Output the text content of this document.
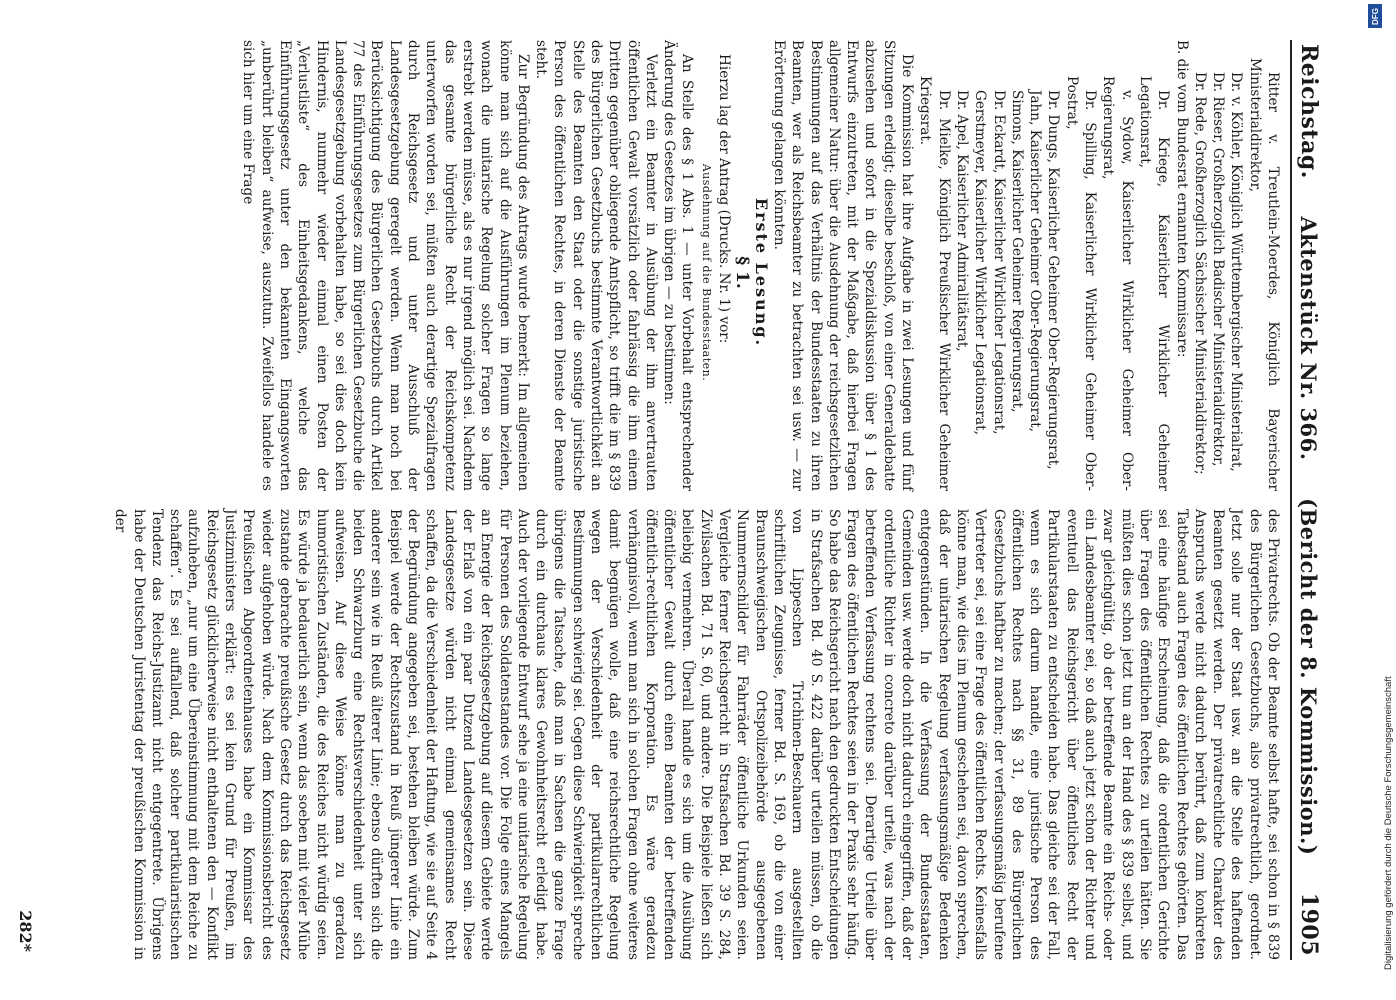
Reichstag.
Aktenstück Nr. 366.
(Bericht der 8. Kommission.)
1905

Ritter v. Treutlein-Moerdes, Königlich Bayerischer Ministerialdirektor,

Dr. v. Köhler, Königlich Württembergischer Ministerialrat,

Dr. Rieser, Großherzoglich Badischer Ministerialdirektor,

Dr. Rede, Großherzoglich Sächsischer Ministerialdirektor;

B. die vom Bundesrat ernannten Kommissare:

Dr. Kriege, Kaiserlicher Wirklicher Geheimer Legationsrat,

v. Sydow, Kaiserlicher Wirklicher Geheimer Ober-Regierungsrat,

Dr. Spilling, Kaiserlicher Wirklicher Geheimer Ober-Postrat,

Dr. Dungs, Kaiserlicher Geheimer Ober-Regierungsrat,

Jahn, Kaiserlicher Geheimer Ober-Regierungsrat,

Simons, Kaiserlicher Geheimer Regierungsrat,

Dr. Eckardt, Kaiserlicher Wirklicher Legationsrat,

Gerstmeyer, Kaiserlicher Wirklicher Legationsrat,

Dr. Apel, Kaiserlicher Admiralitätsrat,

Dr. Mielke, Königlich Preußischer Wirklicher Geheimer Kriegsrat.

Die Kommission hat ihre Aufgabe in zwei Lesungen und fünf Sitzungen erledigt; dieselbe beschloß, von einer Generaldebatte abzusehen und sofort in die Spezialdiskussion über § 1 des Entwurfs einzutreten, mit der Maßgabe, daß hierbei Fragen allgemeiner Natur: über die Ausdehnung der reichsgesetzlichen Bestimmungen auf das Verhältnis der Bundesstaaten zu ihren Beamten, wer als Reichsbeamter zu betrachten sei usw. — zur Erörterung gelangen könnten.

Erste Lesung.

§ 1.

Hierzu lag der Antrag (Drucks. Nr. 1) vor:

Ausdehnung auf die Bundesstaaten.

An Stelle des § 1 Abs. 1 — unter Vorbehalt entsprechender Änderung des Gesetzes im übrigen — zu bestimmen:

Verletzt ein Beamter in Ausübung der ihm anvertrauten öffentlichen Gewalt vorsätzlich oder fahrlässig die ihm einem Dritten gegenüber obliegende Amtspflicht, so trifft die im § 839 des Bürgerlichen Gesetzbuchs bestimmte Verantwortlichkeit an Stelle des Beamten den Staat oder die sonstige juristische Person des öffentlichen Rechtes, in deren Dienste der Beamte steht.

Zur Begründung des Antrags wurde bemerkt: Im allgemeinen könne man sich auf die Ausführungen im Plenum beziehen, wonach die unitarische Regelung solcher Fragen so lange erstrebt werden müsse, als es nur irgend möglich sei. Nachdem das gesamte bürgerliche Recht der Reichskompetenz unterworfen worden sei, müßten auch derartige Spezialfragen durch Reichsgesetz und unter Ausschluß der Landesgesetzgebung geregelt werden. Wenn man noch bei Berücksichtigung des Bürgerlichen Gesetzbuchs durch Artikel 77 des Einführungsgesetzes zum Bürgerlichen Gesetzbuche die Landesgesetzgebung vorbehalten habe, so sei dies doch kein Hindernis, nunmehr wieder einmal einen Posten der „Verlustliste“ des Einheitsgedankens, welche das Einführungsgesetz unter den bekannten Eingangsworten „unberührt bleiben“ aufweise, auszutun. Zweifellos handele es sich hier um eine Frage

des Privatrechts. Ob der Beamte selbst hafte, sei schon in § 839 des Bürgerlichen Gesetzbuchs, also privatrechtlich, geordnet. Jetzt solle nur der Staat usw. an die Stelle des haftenden Beamten gesetzt werden. Der privatrechtliche Charakter des Anspruchs werde nicht dadurch berührt, daß zum konkreten Tatbestand auch Fragen des öffentlichen Rechtes gehörten. Das sei eine häufige Erscheinung, daß die ordentlichen Gerichte über Fragen des öffentlichen Rechtes zu urteilen hätten. Sie müßten dies schon jetzt tun an der Hand des § 839 selbst, und zwar gleichgültig, ob der betreffende Beamte ein Reichs- oder ein Landesbeamter sei, so daß auch jetzt schon der Richter und eventuell das Reichsgericht über öffentliches Recht der Partikularstaaten zu entscheiden habe. Das gleiche sei der Fall, wenn es sich darum handle, eine juristische Person des öffentlichen Rechtes nach §§ 31, 89 des Bürgerlichen Gesetzbuchs haftbar zu machen; der verfassungsmäßig berufene Vertreter sei, sei eine Frage des öffentlichen Rechts. Keinesfalls könne man, wie dies im Plenum geschehen sei, davon sprechen, daß der unitarischen Regelung verfassungsmäßige Bedenken entgegenstünden. In die Verfassung der Bundesstaaten, Gemeinden usw. werde doch nicht dadurch eingegriffen, daß der ordentliche Richter in concreto darüber urteile, was nach der betreffenden Verfassung rechtens sei. Derartige Urteile über Fragen des öffentlichen Rechtes seien in der Praxis sehr häufig. So habe das Reichsgericht nach den gedruckten Entscheidungen in Strafsachen Bd. 40 S. 422 darüber urteilen müssen, ob die von Lippeschen Trichinen-Beschauern ausgestellten schriftlichen Zeugnisse, ferner Bd. S. 169, ob die von einer Braunschweigischen Ortspolizeibehörde ausgegebenen Nummernschilder für Fahrräder öffentliche Urkunden seien. Vergleiche ferner Reichsgericht in Strafsachen Bd. 39 S. 284, Zivilsachen Bd. 71 S. 60, und andere. Die Beispiele ließen sich beliebig vermehren. Überall handle es sich um die Ausübung öffentlicher Gewalt durch einen Beamten der betreffenden öffentlich-rechtlichen Korporation. Es wäre geradezu verhängnisvoll, wenn man sich in solchen Fragen ohne weiteres damit begnügen wolle, daß eine reichsrechtliche Regelung wegen der Verschiedenheit der partikularrechtlichen Bestimmungen schwierig sei. Gegen diese Schwierigkeit spreche übrigens die Tatsache, daß man in Sachsen die ganze Frage durch ein durchaus klares Gewohnheitsrecht erledigt habe. Auch der vorliegende Entwurf sehe ja eine unitarische Regelung für Personen des Soldatenstandes vor. Die Folge eines Mangels an Energie der Reichsgesetzgebung auf diesem Gebiete werde der Erlaß von ein paar Dutzend Landesgesetzen sein. Diese Landesgesetze würden nicht einmal gemeinsames Recht schaffen, da die Verschiedenheit der Haftung, wie sie auf Seite 4 der Begründung angegeben sei, bestehen bleiben würde. Zum Beispiel werde der Rechtszustand in Reuß jüngerer Linie ein anderer sein wie in Reuß älterer Linie; ebenso dürften sich die beiden Schwarzburg eine Rechtsverschiedenheit unter sich aufweisen. Auf diese Weise könne man zu geradezu humoristischen Zuständen, die des Reiches nicht würdig seien. Es würde ja bedauerlich sein, wenn das soeben mit vieler Mühe zustande gebrachte preußische Gesetz durch das Reichsgesetz wieder aufgehoben würde. Nach dem Kommissionsbericht des Preußischen Abgeordnetenhauses habe ein Kommissar des Justizministers erklärt: es sei kein Grund für Preußen, im Reichsgesetz glücklicherweise nicht enthaltenen den — Konflikt aufzuheben, „nur um eine Übereinstimmung mit dem Reiche zu schaffen“. Es sei auffallend, daß solcher partikularistischen Tendenz das Reichs-Justizamt nicht entgegentrete. Übrigens habe der Deutschen Juristentag der preußischen Kommission in der

282*
DFG
Digitalisierung gefördert durch die Deutsche Forschungsgemeinschaft
